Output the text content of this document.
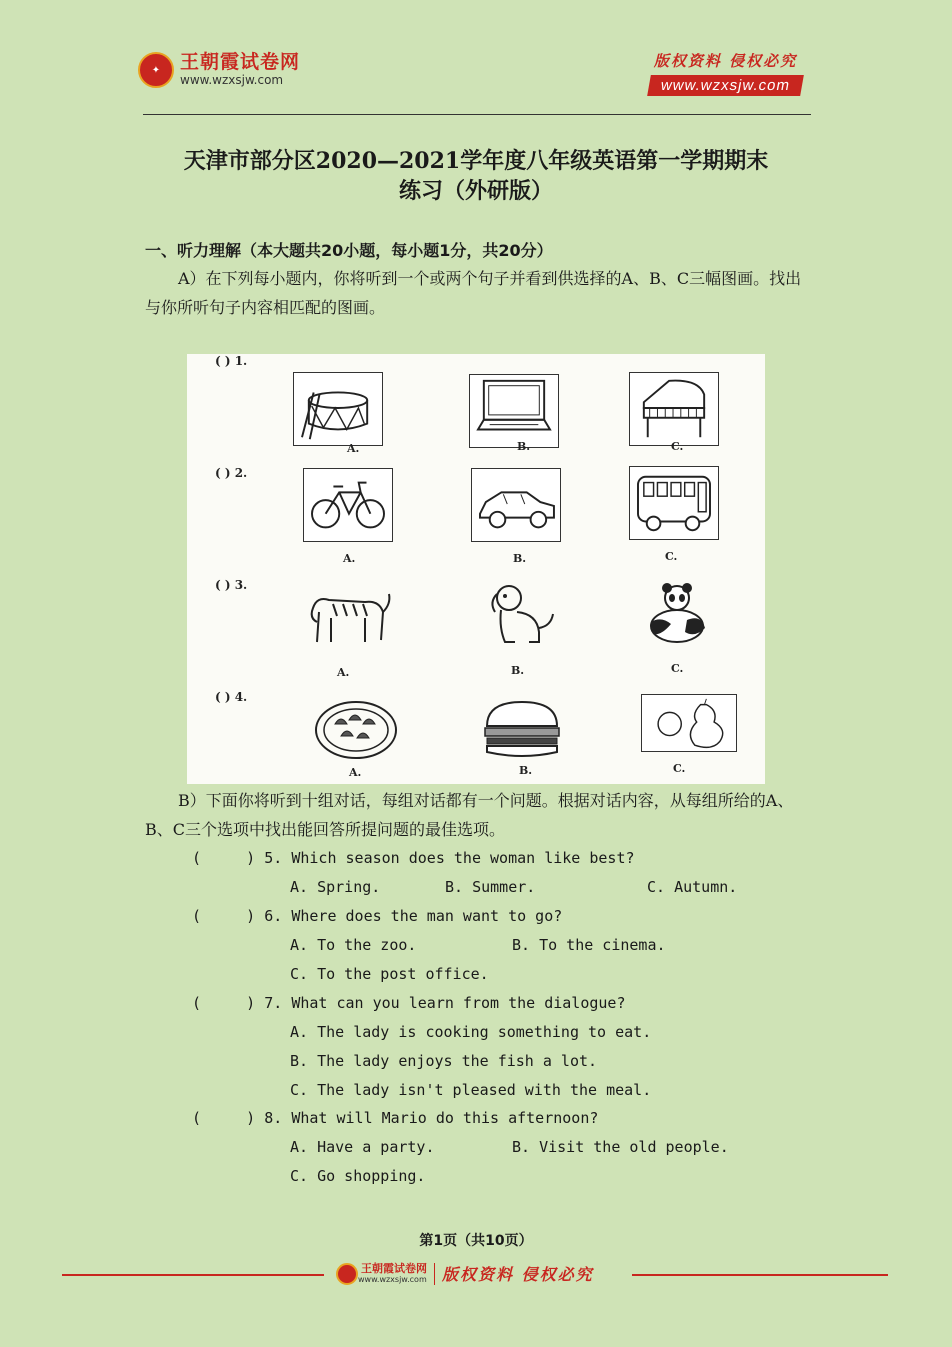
✦	王朝霞试卷网
www.wzxsjw.com
版权资料 侵权必究
www.wzxsjw.com
天津市部分区2020—2021学年度八年级英语第一学期期末
练习（外研版）
一、听力理解（本大题共20小题，每小题1分，共20分）
A）在下列每小题内，你将听到一个或两个句子并看到供选择的A、B、C三幅图画。找出与你所听句子内容相匹配的图画。
( ) 1.
A.	B.	C.
( ) 2.
A.	B.	C.
( ) 3.
A.	B.	C.
( ) 4.
A.	B.	C.
B）下面你将听到十组对话，每组对话都有一个问题。根据对话内容，从每组所给的A、B、C三个选项中找出能回答所提问题的最佳选项。
(     ) 5. Which season does the woman like best?
A. Spring.	B. Summer.	C. Autumn.
(     ) 6. Where does the man want to go?
A. To the zoo.	B. To the cinema.
C. To the post office.
(     ) 7. What can you learn from the dialogue?
A. The lady is cooking something to eat.
B. The lady enjoys the fish a lot.
C. The lady isn't pleased with the meal.
(     ) 8. What will Mario do this afternoon?
A. Have a party.	B. Visit the old people.
C. Go shopping.
第1页（共10页）
王朝霞试卷网
www.wzxsjw.com 版权资料 侵权必究
